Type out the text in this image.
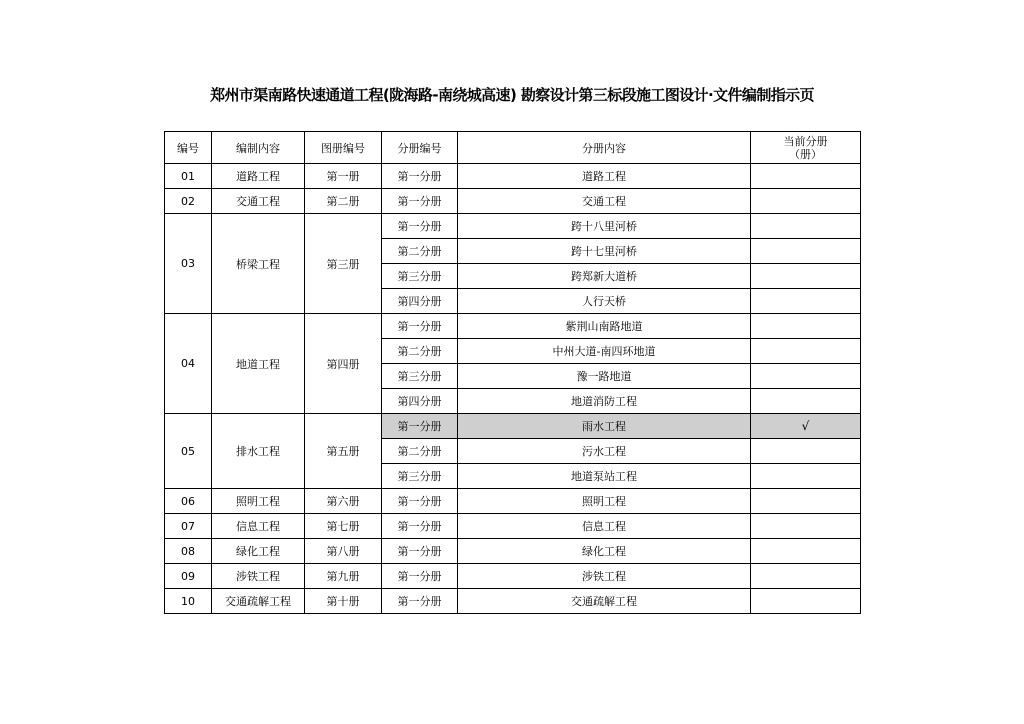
郑州市渠南路快速通道工程(陇海路-南绕城高速) 勘察设计第三标段施工图设计·文件编制指示页
编号	编制内容	图册编号	分册编号	分册内容	当前分册
（册）

01	道路工程	第一册	第一分册	道路工程	
02	交通工程	第二册	第一分册	交通工程	
03	桥梁工程	第三册	第一分册	跨十八里河桥	
			第二分册	跨十七里河桥	
			第三分册	跨郑新大道桥	
			第四分册	人行天桥	
04	地道工程	第四册	第一分册	紫荆山南路地道	
			第二分册	中州大道-南四环地道	
			第三分册	豫一路地道	
			第四分册	地道消防工程	
05	排水工程	第五册	第一分册	雨水工程	√
			第二分册	污水工程	
			第三分册	地道泵站工程	
06	照明工程	第六册	第一分册	照明工程	
07	信息工程	第七册	第一分册	信息工程	
08	绿化工程	第八册	第一分册	绿化工程	
09	涉铁工程	第九册	第一分册	涉铁工程	
10	交通疏解工程	第十册	第一分册	交通疏解工程	
